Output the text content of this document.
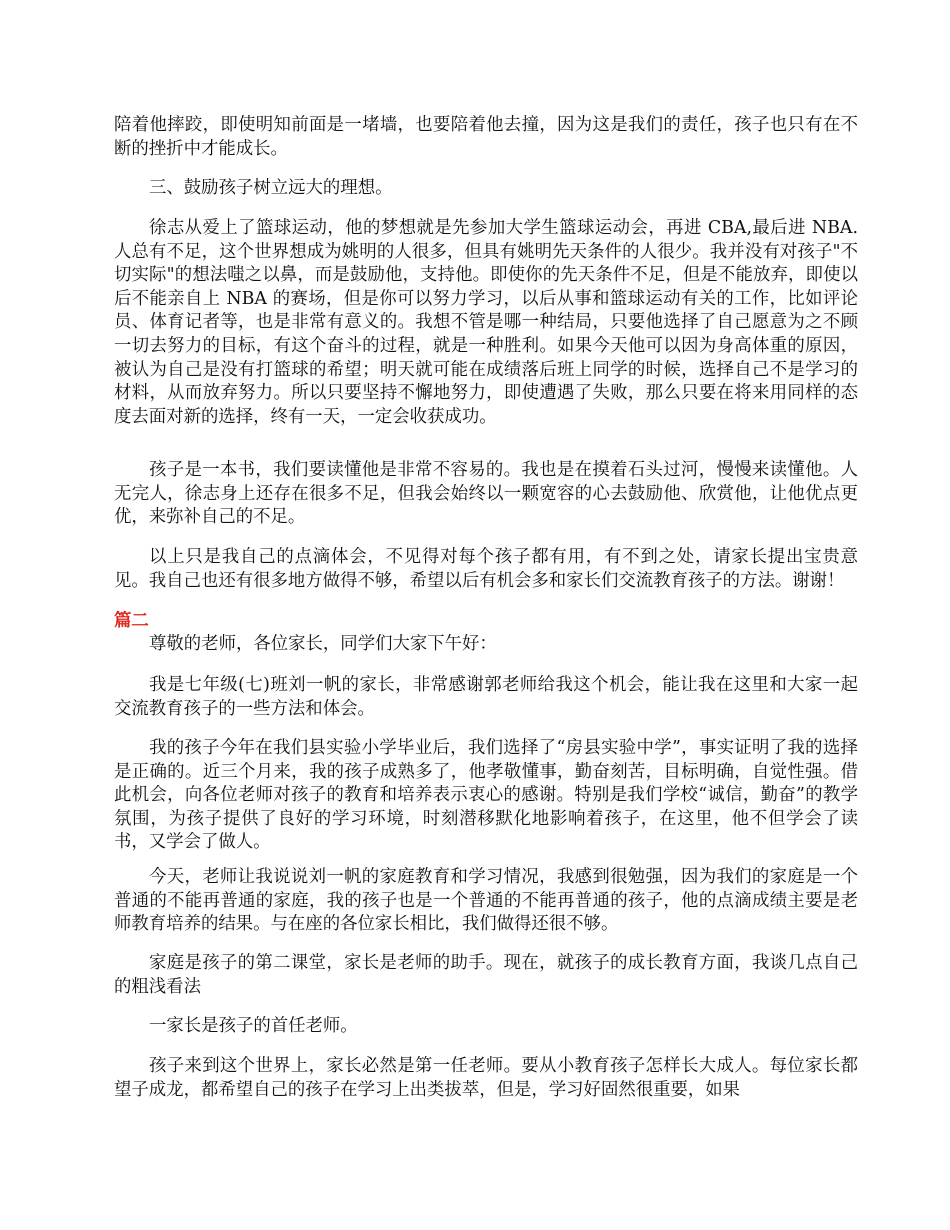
陪着他摔跤，即使明知前面是一堵墙，也要陪着他去撞，因为这是我们的责任，孩子也只有在不断的挫折中才能成长。

三、鼓励孩子树立远大的理想。

徐志从爱上了篮球运动，他的梦想就是先参加大学生篮球运动会，再进 CBA,最后进 NBA.人总有不足，这个世界想成为姚明的人很多，但具有姚明先天条件的人很少。我并没有对孩子"不切实际"的想法嗤之以鼻，而是鼓励他，支持他。即使你的先天条件不足，但是不能放弃，即使以后不能亲自上 NBA 的赛场，但是你可以努力学习，以后从事和篮球运动有关的工作，比如评论员、体育记者等，也是非常有意义的。我想不管是哪一种结局，只要他选择了自己愿意为之不顾一切去努力的目标，有这个奋斗的过程，就是一种胜利。如果今天他可以因为身高体重的原因，被认为自己是没有打篮球的希望；明天就可能在成绩落后班上同学的时候，选择自己不是学习的材料，从而放弃努力。所以只要坚持不懈地努力，即使遭遇了失败，那么只要在将来用同样的态度去面对新的选择，终有一天，一定会收获成功。

孩子是一本书，我们要读懂他是非常不容易的。我也是在摸着石头过河，慢慢来读懂他。人无完人，徐志身上还存在很多不足，但我会始终以一颗宽容的心去鼓励他、欣赏他，让他优点更优，来弥补自己的不足。

以上只是我自己的点滴体会，不见得对每个孩子都有用，有不到之处，请家长提出宝贵意见。我自己也还有很多地方做得不够，希望以后有机会多和家长们交流教育孩子的方法。谢谢！

篇二

尊敬的老师，各位家长，同学们大家下午好：

我是七年级(七)班刘一帆的家长，非常感谢郭老师给我这个机会，能让我在这里和大家一起交流教育孩子的一些方法和体会。

我的孩子今年在我们县实验小学毕业后，我们选择了“房县实验中学”，事实证明了我的选择是正确的。近三个月来，我的孩子成熟多了，他孝敬懂事，勤奋刻苦，目标明确，自觉性强。借此机会，向各位老师对孩子的教育和培养表示衷心的感谢。特别是我们学校“诚信，勤奋”的教学氛围，为孩子提供了良好的学习环境，时刻潜移默化地影响着孩子，在这里，他不但学会了读书，又学会了做人。

今天，老师让我说说刘一帆的家庭教育和学习情况，我感到很勉强，因为我们的家庭是一个普通的不能再普通的家庭，我的孩子也是一个普通的不能再普通的孩子，他的点滴成绩主要是老师教育培养的结果。与在座的各位家长相比，我们做得还很不够。

家庭是孩子的第二课堂，家长是老师的助手。现在，就孩子的成长教育方面，我谈几点自己的粗浅看法

一家长是孩子的首任老师。

孩子来到这个世界上，家长必然是第一任老师。要从小教育孩子怎样长大成人。每位家长都望子成龙，都希望自己的孩子在学习上出类拔萃，但是，学习好固然很重要，如果
